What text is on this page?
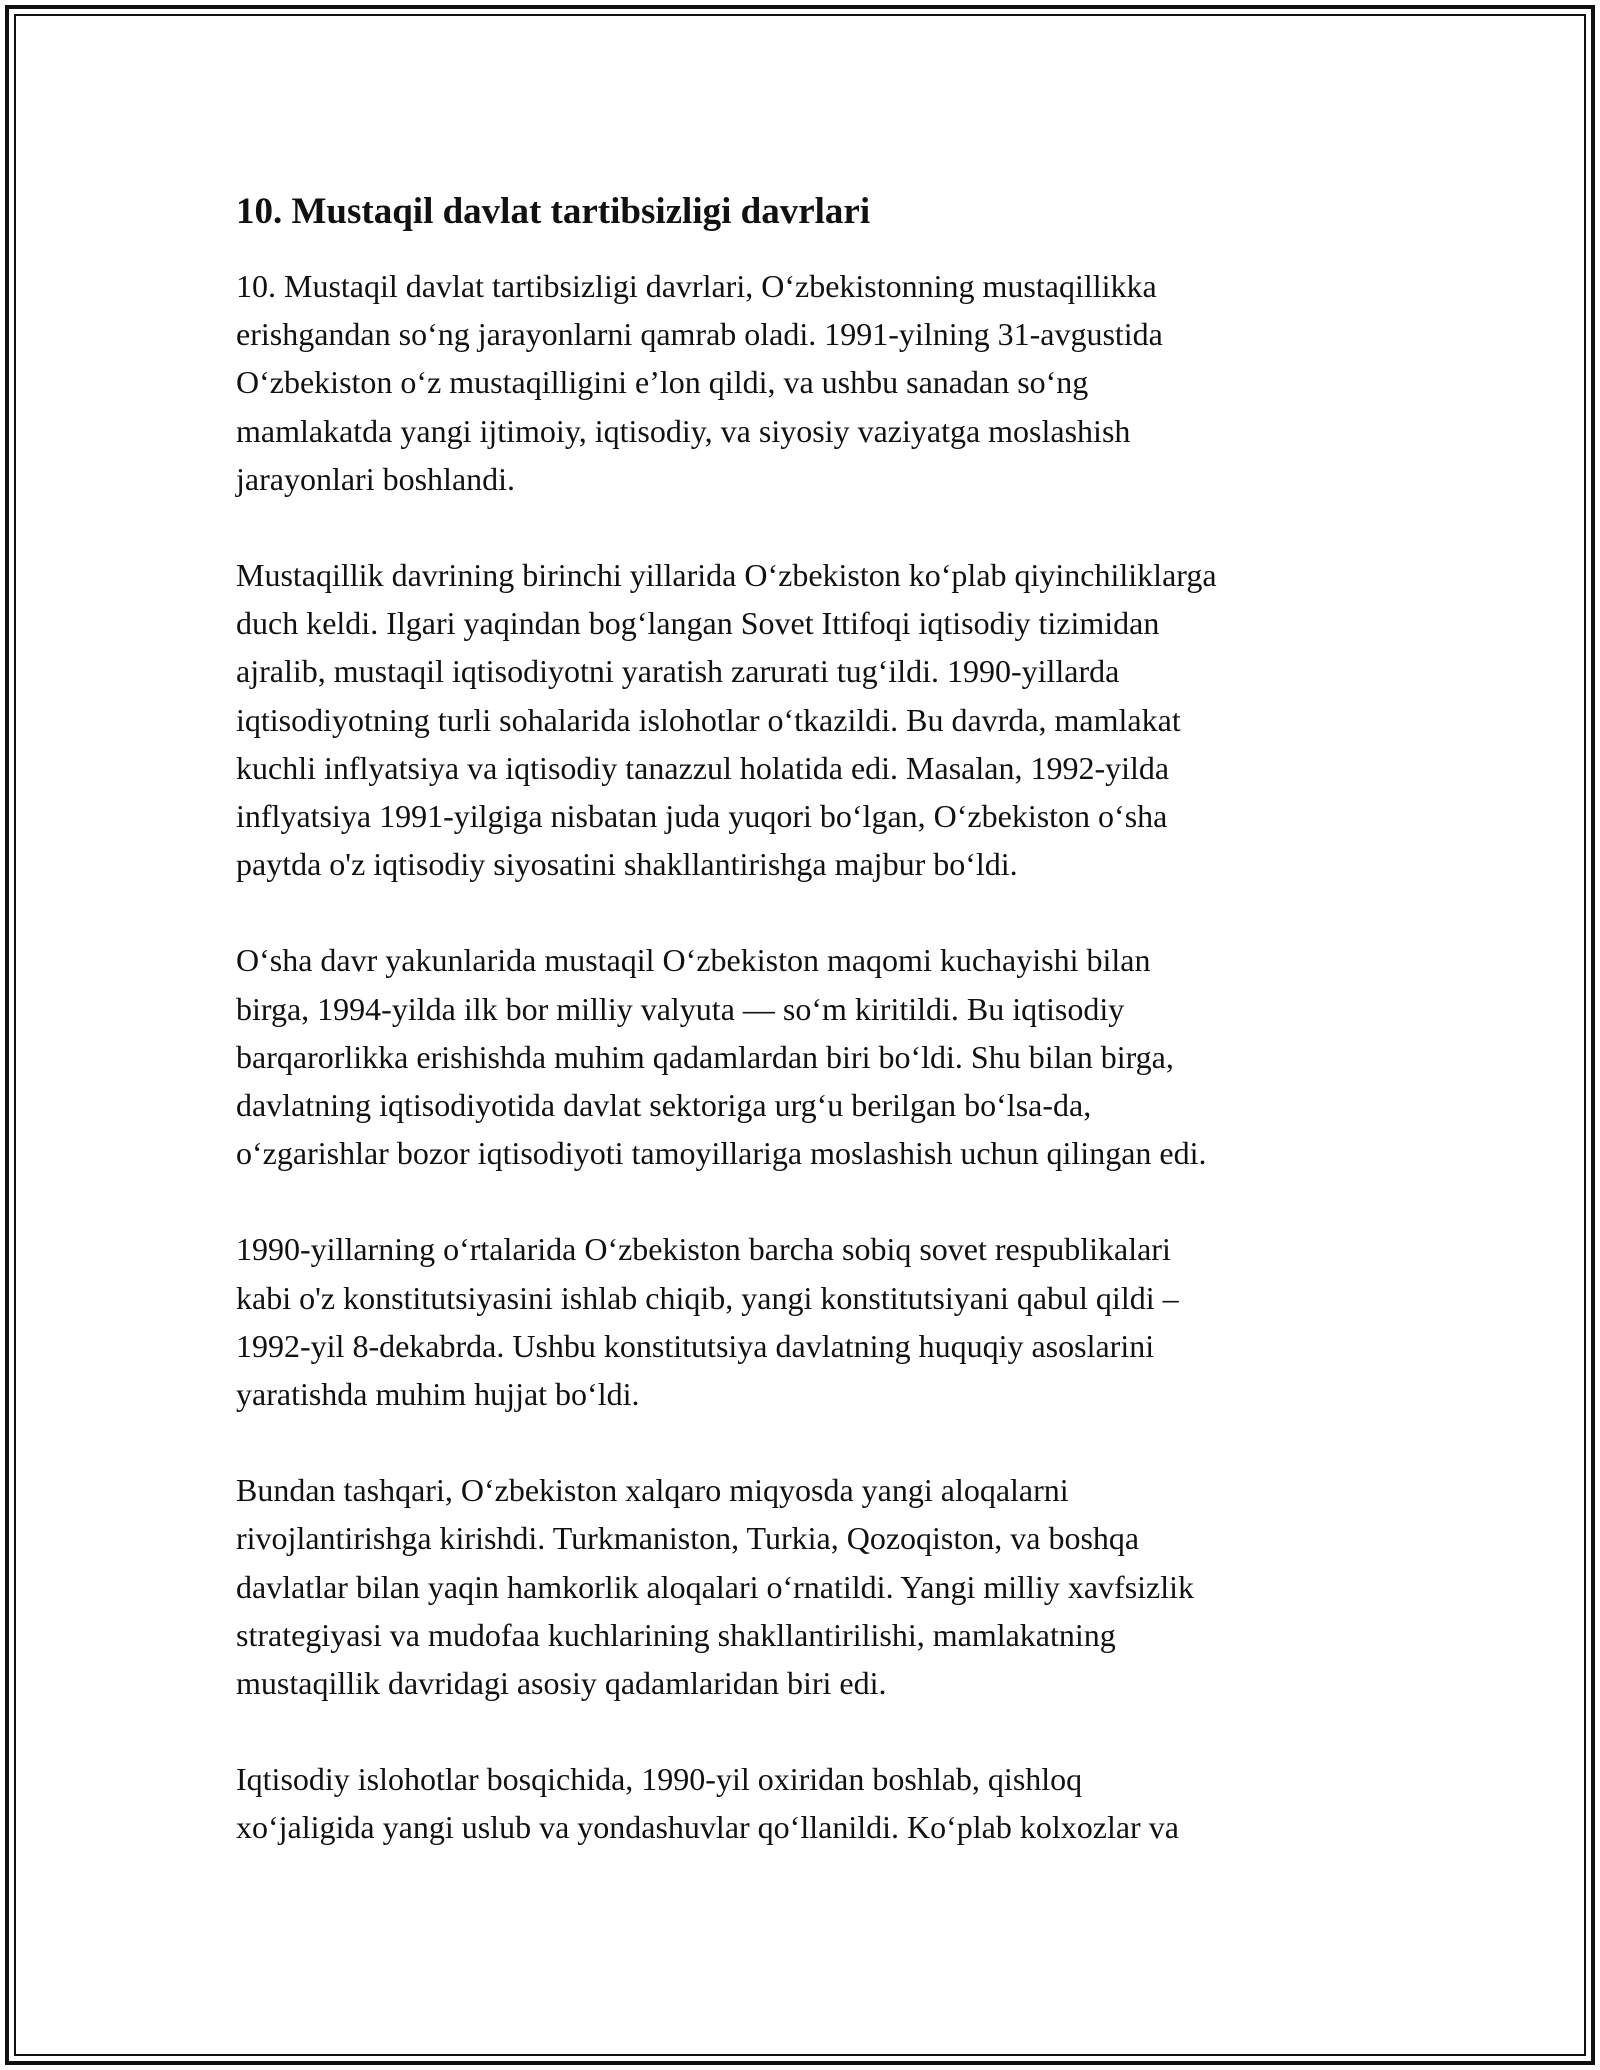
10. Mustaqil davlat tartibsizligi davrlari

10. Mustaqil davlat tartibsizligi davrlari, O‘zbekistonning mustaqillikka
erishgandan so‘ng jarayonlarni qamrab oladi. 1991-yilning 31-avgustida
O‘zbekiston o‘z mustaqilligini e’lon qildi, va ushbu sanadan so‘ng
mamlakatda yangi ijtimoiy, iqtisodiy, va siyosiy vaziyatga moslashish
jarayonlari boshlandi.

Mustaqillik davrining birinchi yillarida O‘zbekiston ko‘plab qiyinchiliklarga
duch keldi. Ilgari yaqindan bog‘langan Sovet Ittifoqi iqtisodiy tizimidan
ajralib, mustaqil iqtisodiyotni yaratish zarurati tug‘ildi. 1990-yillarda
iqtisodiyotning turli sohalarida islohotlar o‘tkazildi. Bu davrda, mamlakat
kuchli inflyatsiya va iqtisodiy tanazzul holatida edi. Masalan, 1992-yilda
inflyatsiya 1991-yilgiga nisbatan juda yuqori bo‘lgan, O‘zbekiston o‘sha
paytda o'z iqtisodiy siyosatini shakllantirishga majbur bo‘ldi.

O‘sha davr yakunlarida mustaqil O‘zbekiston maqomi kuchayishi bilan
birga, 1994-yilda ilk bor milliy valyuta — so‘m kiritildi. Bu iqtisodiy
barqarorlikka erishishda muhim qadamlardan biri bo‘ldi. Shu bilan birga,
davlatning iqtisodiyotida davlat sektoriga urg‘u berilgan bo‘lsa-da,
o‘zgarishlar bozor iqtisodiyoti tamoyillariga moslashish uchun qilingan edi.

1990-yillarning o‘rtalarida O‘zbekiston barcha sobiq sovet respublikalari
kabi o'z konstitutsiyasini ishlab chiqib, yangi konstitutsiyani qabul qildi –
1992-yil 8-dekabrda. Ushbu konstitutsiya davlatning huquqiy asoslarini
yaratishda muhim hujjat bo‘ldi.

Bundan tashqari, O‘zbekiston xalqaro miqyosda yangi aloqalarni
rivojlantirishga kirishdi. Turkmaniston, Turkia, Qozoqiston, va boshqa
davlatlar bilan yaqin hamkorlik aloqalari o‘rnatildi. Yangi milliy xavfsizlik
strategiyasi va mudofaa kuchlarining shakllantirilishi, mamlakatning
mustaqillik davridagi asosiy qadamlaridan biri edi.

Iqtisodiy islohotlar bosqichida, 1990-yil oxiridan boshlab, qishloq
xo‘jaligida yangi uslub va yondashuvlar qo‘llanildi. Ko‘plab kolxozlar va
